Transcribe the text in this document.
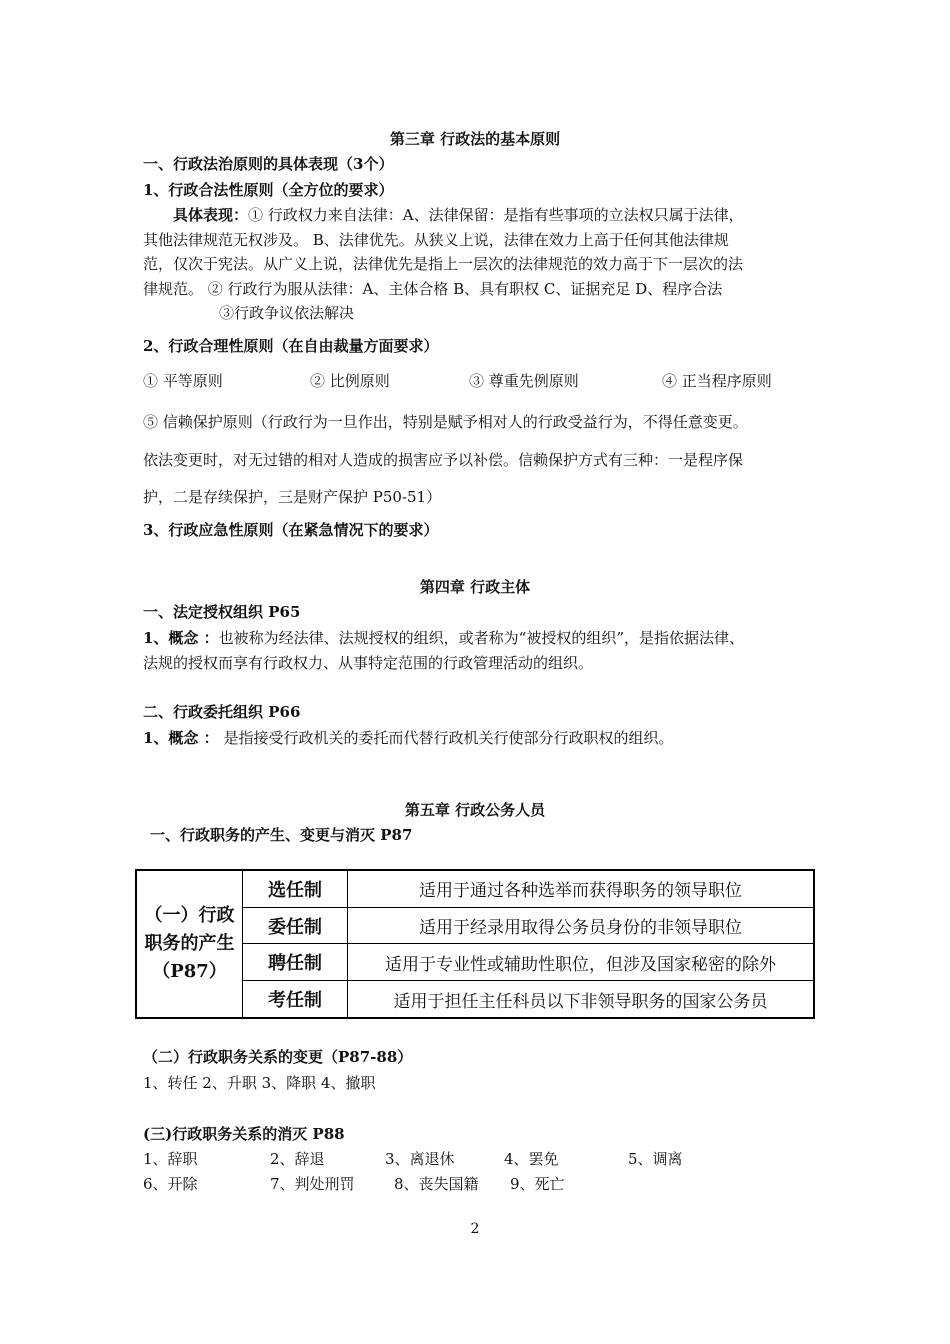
第三章 行政法的基本原则
一、行政法治原则的具体表现（3个）
1、行政合法性原则（全方位的要求）
具体表现：① 行政权力来自法律：A、法律保留：是指有些事项的立法权只属于法律，
其他法律规范无权涉及。 B、法律优先。从狭义上说，法律在效力上高于任何其他法律规
范，仅次于宪法。从广义上说，法律优先是指上一层次的法律规范的效力高于下一层次的法
律规范。 ② 行政行为服从法律：A、主体合格 B、具有职权 C、证据充足 D、程序合法
③行政争议依法解决
2、行政合理性原则（在自由裁量方面要求）
① 平等原则	② 比例原则	③ 尊重先例原则	④ 正当程序原则
⑤ 信赖保护原则（行政行为一旦作出，特别是赋予相对人的行政受益行为，不得任意变更。
依法变更时，对无过错的相对人造成的损害应予以补偿。信赖保护方式有三种：一是程序保
护，二是存续保护，三是财产保护 P50-51）
3、行政应急性原则（在紧急情况下的要求）
第四章 行政主体
一、法定授权组织 P65
1、概念 ：也被称为经法律、法规授权的组织，或者称为“被授权的组织”，是指依据法律、
法规的授权而享有行政权力、从事特定范围的行政管理活动的组织。
二、行政委托组织 P66
1、概念 ： 是指接受行政机关的委托而代替行政机关行使部分行政职权的组织。
第五章 行政公务人员
一、行政职务的产生、变更与消灭 P87
（一）行政
职务的产生
（P87）	选任制	适用于通过各种选举而获得职务的领导职位
	委任制	适用于经录用取得公务员身份的非领导职位
	聘任制	适用于专业性或辅助性职位，但涉及国家秘密的除外
	考任制	适用于担任主任科员以下非领导职务的国家公务员
（二）行政职务关系的变更（P87-88）
1、转任 2、升职 3、降职 4、撤职
(三)行政职务关系的消灭 P88
1、辞职	2、辞退	3、离退休	4、罢免	5、调离
6、开除	7、判处刑罚	8、丧失国籍 9、死亡
2
